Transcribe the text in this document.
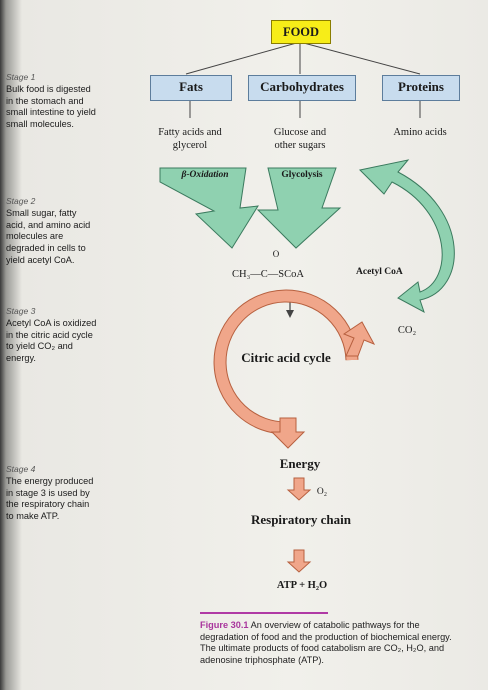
FOOD
Fats	Carbohydrates	Proteins
Fatty acids and glycerol
Glucose and other sugars
Amino acids
β-Oxidation	Glycolysis
O
CH₃—C—SCoA	Acetyl CoA
CO₂
Citric acid cycle
Energy
O₂
Respiratory chain
ATP + H₂O
Stage 1
Bulk food is digested in the stomach and small intestine to yield small molecules.
Stage 2
Small sugar, fatty acid, and amino acid molecules are degraded in cells to yield acetyl CoA.
Stage 3
Acetyl CoA is oxidized in the citric acid cycle to yield CO₂ and energy.
Stage 4
The energy produced in stage 3 is used by the respiratory chain to make ATP.
Figure 30.1 An overview of catabolic pathways for the degradation of food and the production of biochemical energy. The ultimate products of food catabolism are CO₂, H₂O, and adenosine triphosphate (ATP).
